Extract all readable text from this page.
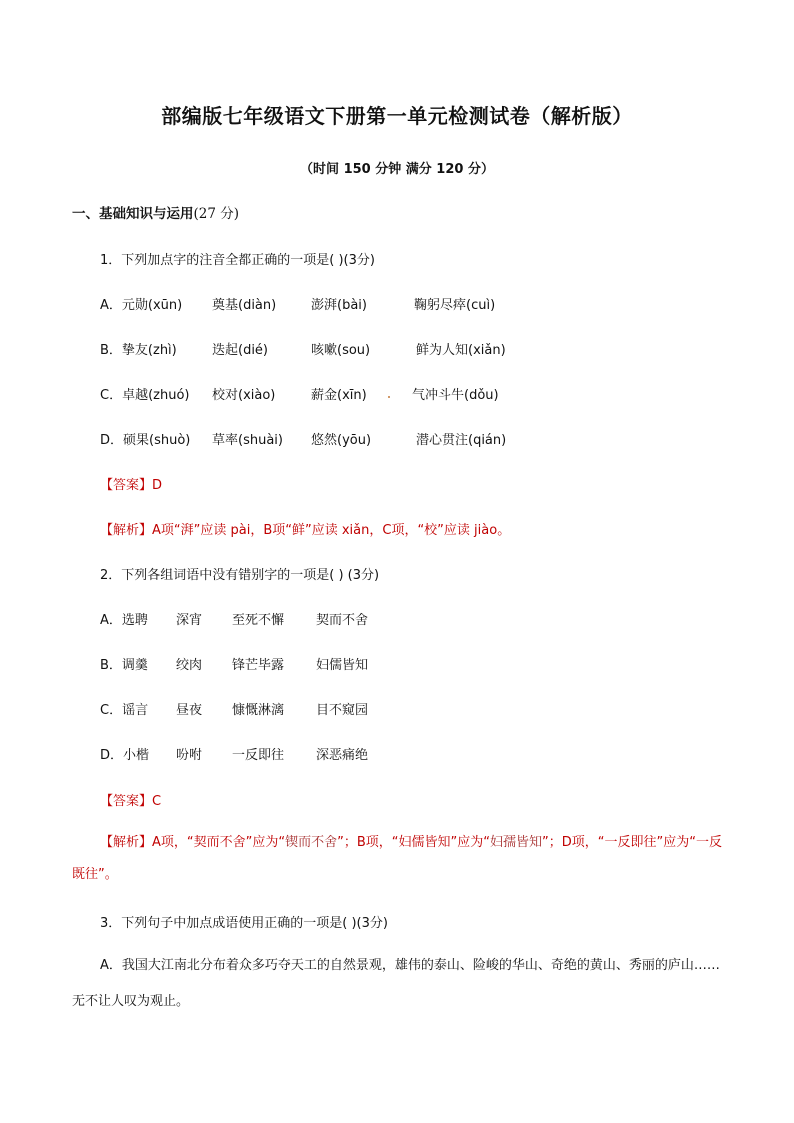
部编版七年级语文下册第一单元检测试卷（解析版）
（时间 150 分钟 满分 120 分）
一、基础知识与运用(27 分)
1．下列加点字的注音全都正确的一项是( )(3分)
A．元勋(xūn) 奠基(diàn)	澎湃(bài)	鞠躬尽瘁(cuì)
B．挚友(zhì)	迭起(dié)	咳嗽(sou)	鲜为人知(xiǎn)
C．卓越(zhuó) 校对(xiào)	薪金(xīn)	气冲斗牛(dǒu)
D．硕果(shuò) 草率(shuài) 悠然(yōu)	潜心贯注(qián)
【答案】D
【解析】A项“湃”应读 pài，B项“鲜”应读 xiǎn，C项，“校”应读 jiào。
2．下列各组词语中没有错别字的一项是( ) (3分)
A．选聘 深宵 至死不懈 契而不舍
B．调羹 绞肉 锋芒毕露 妇儒皆知
C．谣言 昼夜 慷慨淋漓 目不窥园
D．小楷 吩咐 一反即往 深恶痛绝
【答案】C
【解析】A项，“契而不舍”应为“锲而不舍”；B项，“妇儒皆知”应为“妇孺皆知”；D项，“一反即往”应为“一反既往”。
3．下列句子中加点成语使用正确的一项是( )(3分)
A．我国大江南北分布着众多巧夺天工的自然景观，雄伟的泰山、险峻的华山、奇绝的黄山、秀丽的庐山……无不让人叹为观止。
